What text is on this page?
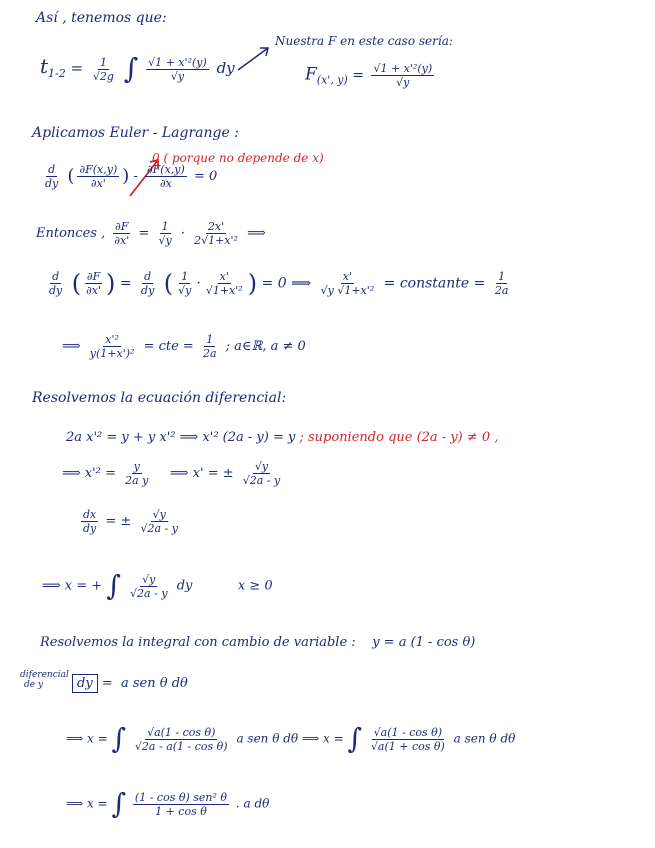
Así , tenemos que:
$t_{1-2} = \frac{1}{√2g}$ ∫ $\frac{\text{√1 + x'²(y)}}{√y}$ dy
Nuestra F en este caso sería:
$F_{(x', y)} = \frac{\text{√1 + x'²(y)}}{√y}$
Aplicamos Euler - Lagrange :
$\frac{d}{dy}$ ( $\frac{\partial F(x,y)}{\partial x'}$ ) - $\frac{\partial F(x,y)}{\partial x} = 0$
0 ( porque no depende de x)
Entonces , $\frac{\partial F}{\partial x'} = \frac{1}{√y} \cdot \frac{2x'}{\text{2√1+x'²}}$ ⟹
$\frac{d}{dy}$ ( $\frac{\partial F}{\partial x'}$ ) = $\frac{d}{dy}$ ( $\frac{1}{√y} \cdot \frac{x'}{\text{√1+x'²}}$ ) = 0 ⟹ $\frac{x'}{\text{√y √1+x'²}}$ = constante = $\frac{1}{2a}$
⟹ $\frac{\text{x'²}}{\text{y(1+x')²}}$ = cte = $\frac{1}{2a}$ ; a∈ℝ, a ≠ 0
Resolvemos la ecuación diferencial:
2a x'² = y + y x'² ⟹ x'² (2a - y) = y ; suponiendo que (2a - y) ≠ 0 ,
⟹ $x'^2 = \frac{y}{\text{2a y}}$ ⟹ x' = ± $\frac{√y}{√2a - y}$
$\frac{dx}{dy}$ = ± $\frac{√y}{√2a - y}$
⟹ x = + ∫ $\frac{√y}{√2a - y}$ dy	x ≥ 0
Resolvemos la integral con cambio de variable : y = a (1 - cos θ)
diferencial
de y	dy = a sen θ dθ
⟹ x = ∫ $\frac{\text{√a(1 - cos θ)}}{\text{√2a - a(1 - cos θ)}}$ a sen θ dθ ⟹ x = ∫ $\frac{\text{√a(1 - cos θ)}}{\text{√a(1 + cos θ)}}$ a sen θ dθ
⟹ x = ∫ $\frac{\text{(1 - cos θ) sen² θ}}{\text{1 + cos θ}}$ . a dθ
